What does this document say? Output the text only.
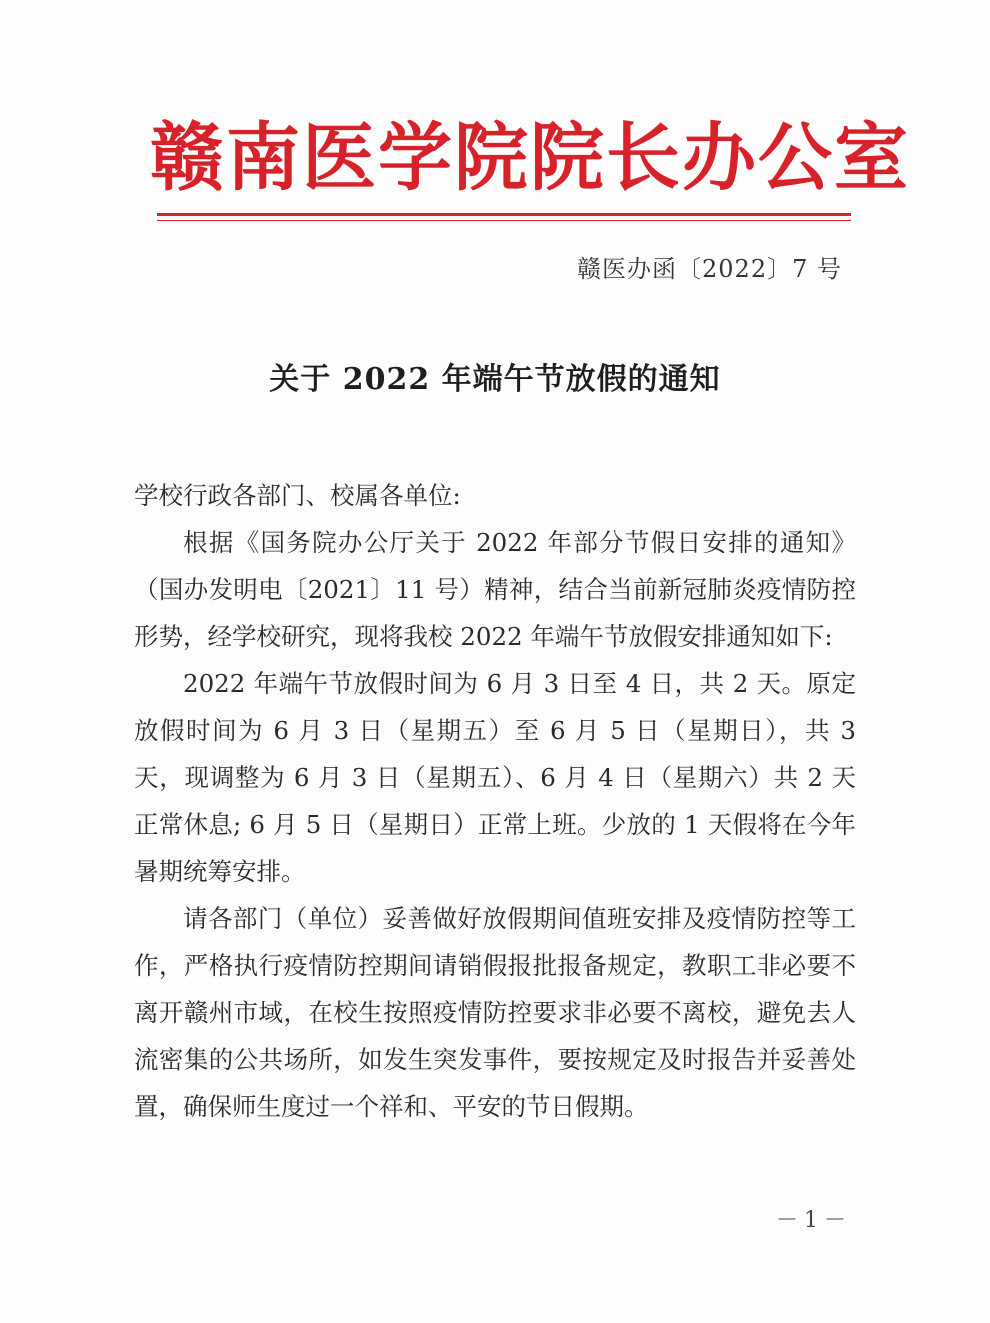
赣南医学院院长办公室
赣医办函〔2022〕7 号
关于 2022 年端午节放假的通知

学校行政各部门、校属各单位:

根据《国务院办公厅关于 2022 年部分节假日安排的通知》（国办发明电〔2021〕11 号）精神，结合当前新冠肺炎疫情防控形势，经学校研究，现将我校 2022 年端午节放假安排通知如下:

2022 年端午节放假时间为 6 月 3 日至 4 日，共 2 天。原定放假时间为 6 月 3 日（星期五）至 6 月 5 日（星期日），共 3 天，现调整为 6 月 3 日（星期五）、6 月 4 日（星期六）共 2 天正常休息; 6 月 5 日（星期日）正常上班。少放的 1 天假将在今年暑期统筹安排。

请各部门（单位）妥善做好放假期间值班安排及疫情防控等工作，严格执行疫情防控期间请销假报批报备规定，教职工非必要不离开赣州市域，在校生按照疫情防控要求非必要不离校，避免去人流密集的公共场所，如发生突发事件，要按规定及时报告并妥善处置，确保师生度过一个祥和、平安的节日假期。

－1－
